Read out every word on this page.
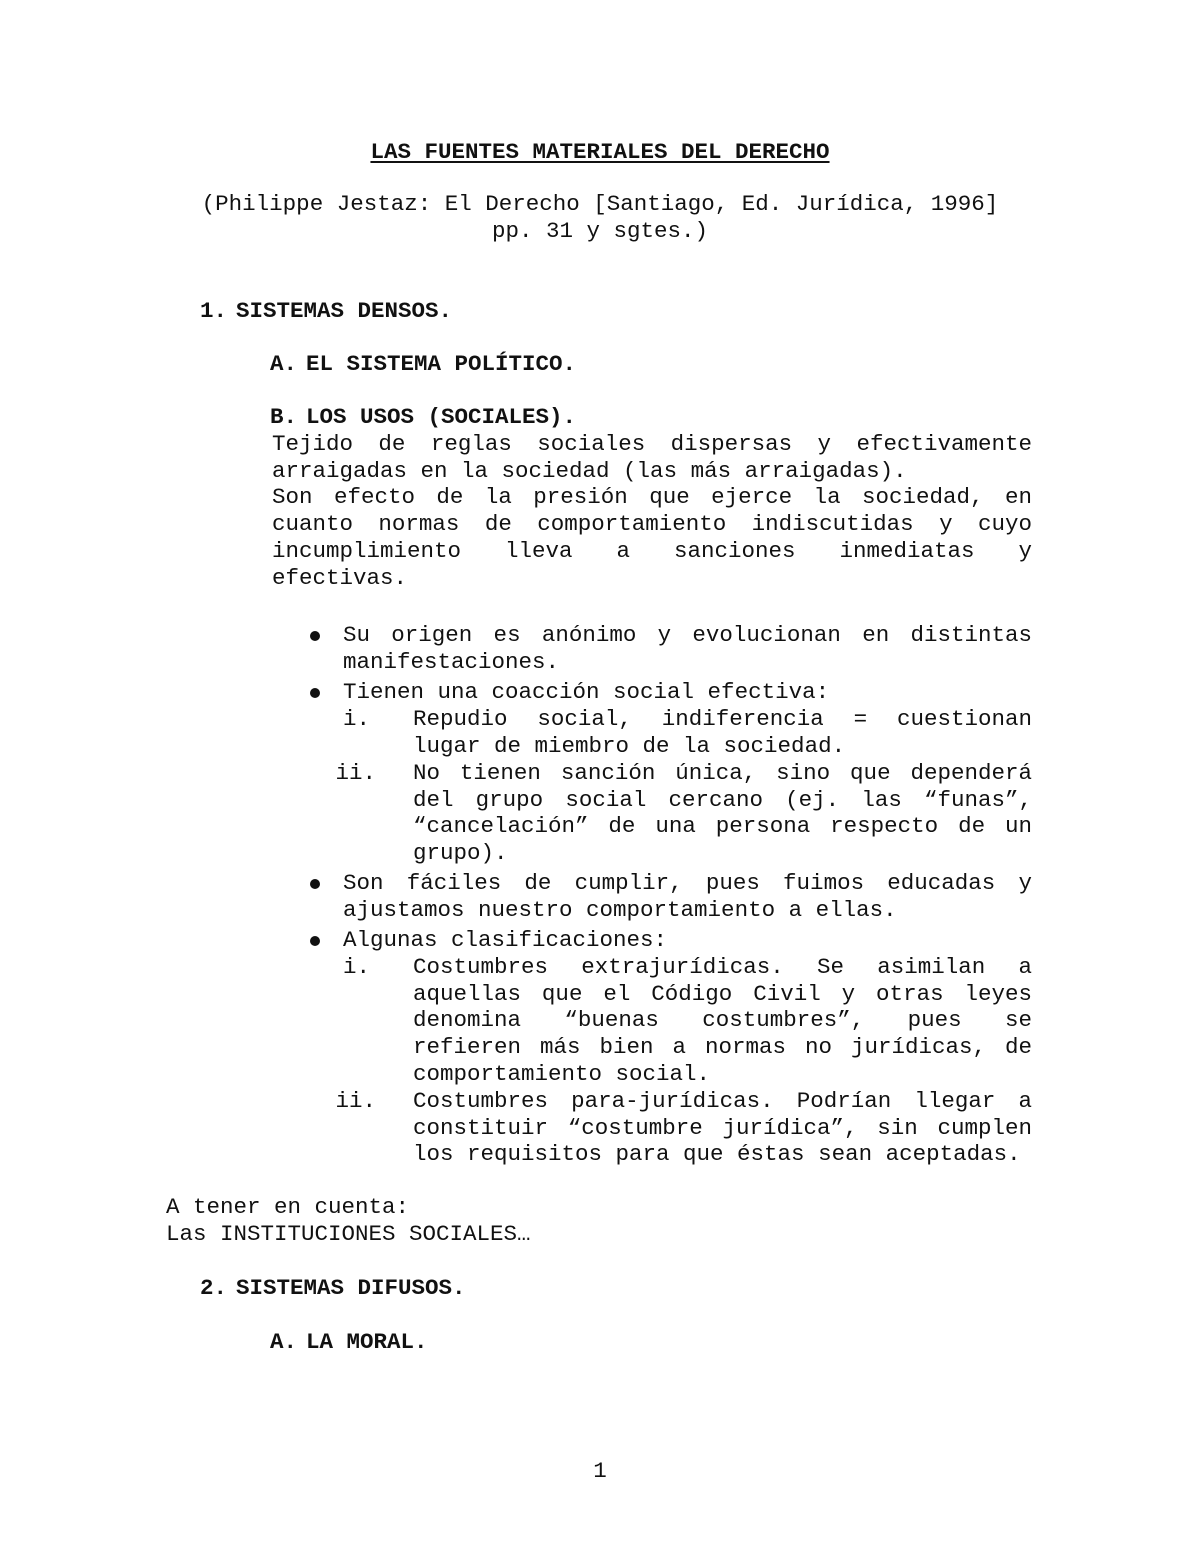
LAS FUENTES MATERIALES DEL DERECHO
(Philippe Jestaz: El Derecho [Santiago, Ed. Jurídica, 1996]
pp. 31 y sgtes.)
1. SISTEMAS DENSOS.
A. EL SISTEMA POLÍTICO.
B. LOS USOS (SOCIALES).
Tejido de reglas sociales dispersas y efectivamente
arraigadas en la sociedad (las más arraigadas).
Son efecto de la presión que ejerce la sociedad, en
cuanto normas de comportamiento indiscutidas y cuyo
incumplimiento lleva a sanciones inmediatas y
efectivas.
Su origen es anónimo y evolucionan en distintas
manifestaciones.
Tienen una coacción social efectiva:
i. Repudio social, indiferencia = cuestionan
lugar de miembro de la sociedad.
ii. No tienen sanción única, sino que dependerá
del grupo social cercano (ej. las “funas”,
“cancelación” de una persona respecto de un
grupo).
Son fáciles de cumplir, pues fuimos educadas y
ajustamos nuestro comportamiento a ellas.
Algunas clasificaciones:
i. Costumbres extrajurídicas. Se asimilan a
aquellas que el Código Civil y otras leyes
denomina “buenas costumbres”, pues se
refieren más bien a normas no jurídicas, de
comportamiento social.
ii. Costumbres para-jurídicas. Podrían llegar a
constituir “costumbre jurídica”, sin cumplen
los requisitos para que éstas sean aceptadas.
A tener en cuenta:
Las INSTITUCIONES SOCIALES…
2. SISTEMAS DIFUSOS.
A. LA MORAL.
1
